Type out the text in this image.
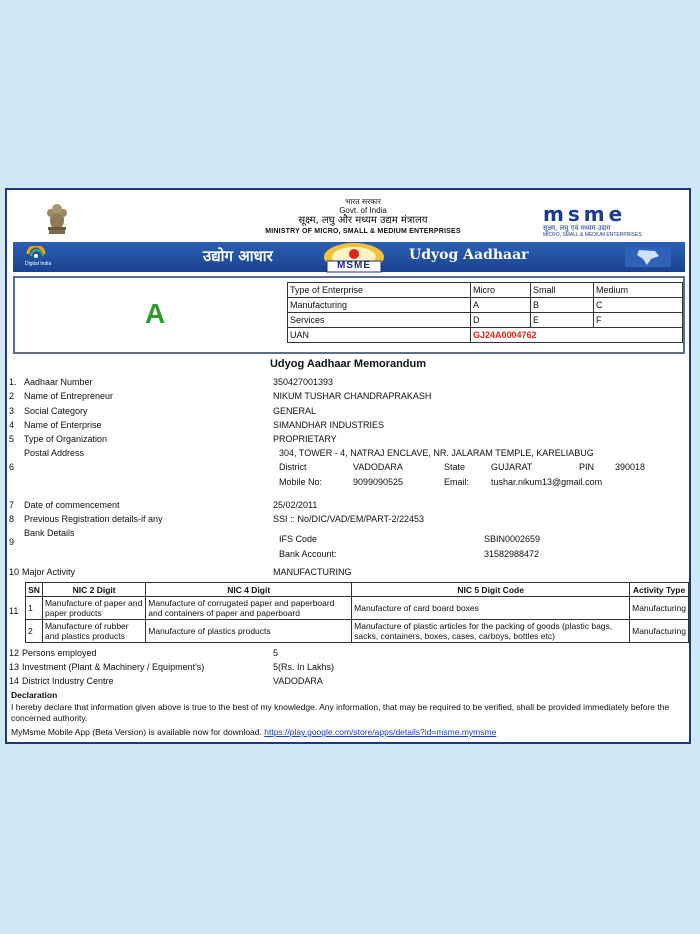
भारत सरकार
Govt. of India
सूक्ष्म, लघु और मध्यम उद्यम मंत्रालय
MINISTRY OF MICRO, SMALL & MEDIUM ENTERPRISES
msme
सूक्ष्म, लघु एवं मध्यम उद्यम
MICRO, SMALL & MEDIUM ENTERPRISES
Digital India	उद्योग आधार
MSME
Udyog Aadhaar
A
Type of Enterprise	Micro	Small	Medium
Manufacturing	A	B	C
Services	D	E	F
UAN	GJ24A0004762		
Udyog Aadhaar Memorandum
1. Aadhaar Number	350427001393
2 Name of Entrepreneur	NIKUM TUSHAR CHANDRAPRAKASH
3 Social Category	GENERAL
4 Name of Enterprise	SIMANDHAR INDUSTRIES
5 Type of Organization	PROPRIETARY
Postal Address
6
304, TOWER - 4, NATRAJ ENCLAVE, NR. JALARAM TEMPLE, KARELIABUG
District	VADODARA	State	GUJARAT	PIN 390018
Mobile No:	9099090525	Email: tushar.nikum13@gmail.com
7 Date of commencement	25/02/2011
8 Previous Registration details-if any	SSI :: No/DIC/VAD/EM/PART-2/22453
Bank Details
9	IFS Code	SBIN0002659
Bank Account:	31582988472
10 Major Activity	MANUFACTURING
11
SN	NIC 2 Digit	NIC 4 Digit	NIC 5 Digit Code	Activity Type
1	Manufacture of paper and paper products	Manufacture of corrugated paper and paperboard and containers of paper and paperboard	Manufacture of card board boxes	Manufacturing
2	Manufacture of rubber and plastics products	Manufacture of plastics products	Manufacture of plastic articles for the packing of goods (plastic bags, sacks, containers, boxes, cases, carboys, bottles etc)	Manufacturing
12 Persons employed	5
13 Investment (Plant & Machinery / Equipment's)	5(Rs. In Lakhs)
14 District Industry Centre	VADODARA
Declaration
I hereby declare that information given above is true to the best of my knowledge. Any information, that may be required to be verified, shall be provided immediately before the concerned authority.
MyMsme Mobile App (Beta Version) is available now for download. https://play.google.com/store/apps/details?id=msme.mymsme
